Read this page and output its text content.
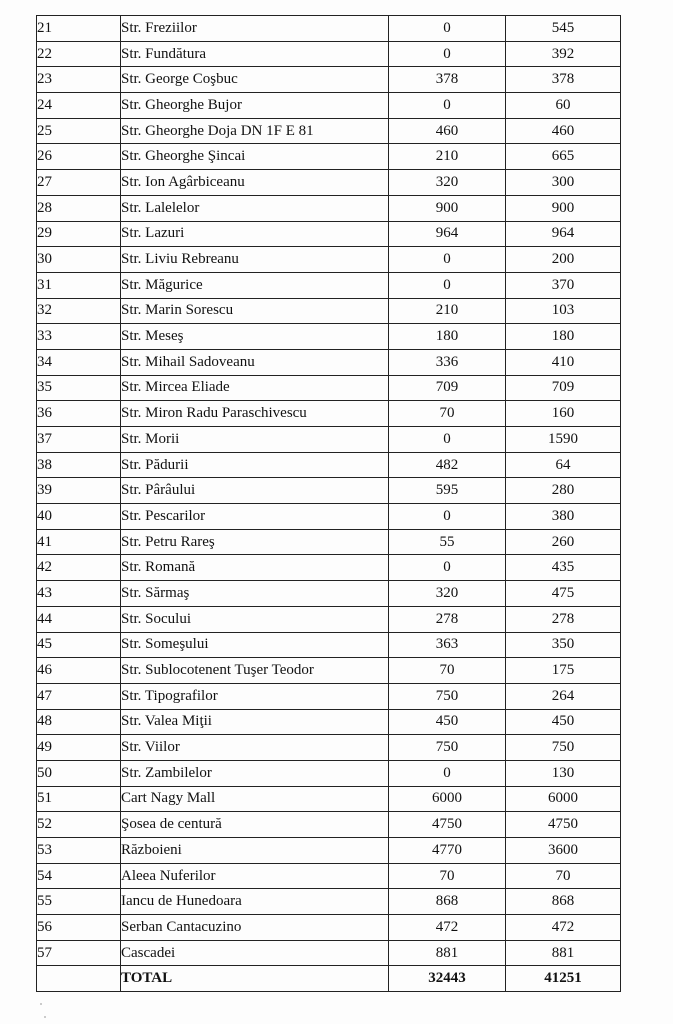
21	Str. Freziilor	0	545
22	Str. Fundătura	0	392
23	Str. George Coşbuc	378	378
24	Str. Gheorghe Bujor	0	60
25	Str. Gheorghe Doja DN 1F E 81	460	460
26	Str. Gheorghe Şincai	210	665
27	Str. Ion Agârbiceanu	320	300
28	Str. Lalelelor	900	900
29	Str. Lazuri	964	964
30	Str. Liviu Rebreanu	0	200
31	Str. Măgurice	0	370
32	Str. Marin Sorescu	210	103
33	Str. Meseş	180	180
34	Str. Mihail Sadoveanu	336	410
35	Str. Mircea Eliade	709	709
36	Str. Miron Radu Paraschivescu	70	160
37	Str. Morii	0	1590
38	Str. Pădurii	482	64
39	Str. Pârâului	595	280
40	Str. Pescarilor	0	380
41	Str. Petru Rareş	55	260
42	Str. Romană	0	435
43	Str. Sărmaş	320	475
44	Str. Socului	278	278
45	Str. Someşului	363	350
46	Str. Sublocotenent Tuşer Teodor	70	175
47	Str. Tipografilor	750	264
48	Str. Valea Miţii	450	450
49	Str. Viilor	750	750
50	Str. Zambilelor	0	130
51	Cart Nagy Mall	6000	6000
52	Şosea de centură	4750	4750
53	Războieni	4770	3600
54	Aleea Nuferilor	70	70
55	Iancu de Hunedoara	868	868
56	Serban Cantacuzino	472	472
57	Cascadei	881	881
	TOTAL	32443	41251
